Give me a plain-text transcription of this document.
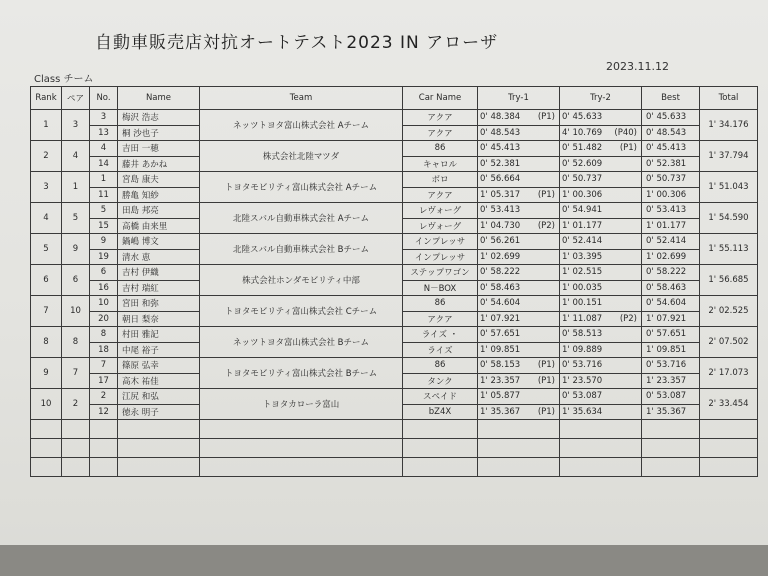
自動車販売店対抗オートテスト2023 IN アローザ
2023.11.12
Class チーム
Rank	ペア	No.	Name	Team	Car Name	Try-1	Try-2	Best	Total
1	3	3	梅沢 浩志	ネッツトヨタ富山株式会社 Aチーム	アクア	0' 48.384 (P1)	0' 45.633	0' 45.633	1' 34.176
		13	桐 沙也子		アクア	0' 48.543	4' 10.769 (P40)	0' 48.543	
2	4	4	吉田 一穂	株式会社北陸マツダ	86	0' 45.413	0' 51.482 (P1)	0' 45.413	1' 37.794
		14	藤井 あかね		キャロル	0' 52.381	0' 52.609	0' 52.381	
3	1	1	宮島 康夫	トヨタモビリティ富山株式会社 Aチーム	ボロ	0' 56.664	0' 50.737	0' 50.737	1' 51.043
		11	勝亀 知紗		アクア	1' 05.317 (P1)	1' 00.306	1' 00.306	
4	5	5	田島 邦亮	北陸スバル自動車株式会社 Aチーム	レヴォーグ	0' 53.413	0' 54.941	0' 53.413	1' 54.590
		15	高橋 由来里		レヴォーグ	1' 04.730 (P2)	1' 01.177	1' 01.177	
5	9	9	鍋嶋 博文	北陸スバル自動車株式会社 Bチーム	インプレッサ	0' 56.261	0' 52.414	0' 52.414	1' 55.113
		19	清水 恵		インプレッサ	1' 02.699	1' 03.395	1' 02.699	
6	6	6	吉村 伊織	株式会社ホンダモビリティ中部	ステップワゴン	0' 58.222	1' 02.515	0' 58.222	1' 56.685
		16	吉村 瑞紅		N－BOX	0' 58.463	1' 00.035	0' 58.463	
7	10	10	宮田 和弥	トヨタモビリティ富山株式会社 Cチーム	86	0' 54.604	1' 00.151	0' 54.604	2' 02.525
		20	朝日 梨奈		アクア	1' 07.921	1' 11.087 (P2)	1' 07.921	
8	8	8	村田 雅記	ネッツトヨタ富山株式会社 Bチーム	ライズ ・	0' 57.651	0' 58.513	0' 57.651	2' 07.502
		18	中尾 裕子		ライズ	1' 09.851	1' 09.889	1' 09.851	
9	7	7	篠原 弘幸	トヨタモビリティ富山株式会社 Bチーム	86	0' 58.153 (P1)	0' 53.716	0' 53.716	2' 17.073
		17	高木 祐佳		タンク	1' 23.357 (P1)	1' 23.570	1' 23.357	
10	2	2	江尻 和弘	トヨタカローラ富山	スペイド	1' 05.877	0' 53.087	0' 53.087	2' 33.454
		12	徳永 明子		bZ4X	1' 35.367 (P1)	1' 35.634	1' 35.367	
